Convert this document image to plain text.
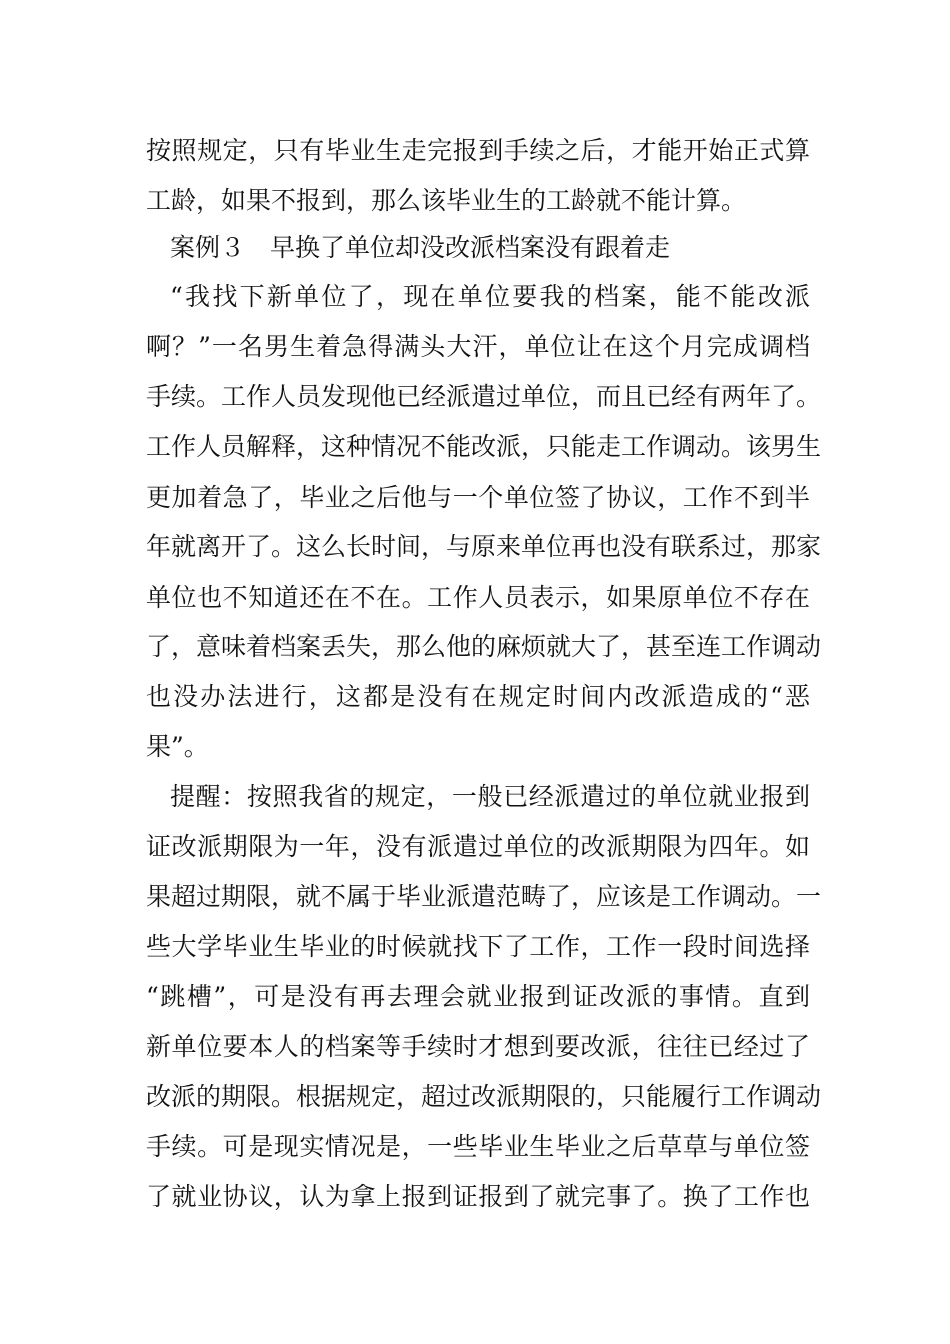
按照规定，只有毕业生走完报到手续之后，才能开始正式算
工龄，如果不报到，那么该毕业生的工龄就不能计算。
案例３　早换了单位却没改派档案没有跟着走
“我找下新单位了，现在单位要我的档案，能不能改派
啊？”一名男生着急得满头大汗，单位让在这个月完成调档
手续。工作人员发现他已经派遣过单位，而且已经有两年了。
工作人员解释，这种情况不能改派，只能走工作调动。该男生
更加着急了，毕业之后他与一个单位签了协议，工作不到半
年就离开了。这么长时间，与原来单位再也没有联系过，那家
单位也不知道还在不在。工作人员表示，如果原单位不存在
了，意味着档案丢失，那么他的麻烦就大了，甚至连工作调动
也没办法进行，这都是没有在规定时间内改派造成的“恶
果”。
提醒：按照我省的规定，一般已经派遣过的单位就业报到
证改派期限为一年，没有派遣过单位的改派期限为四年。如
果超过期限，就不属于毕业派遣范畴了，应该是工作调动。一
些大学毕业生毕业的时候就找下了工作，工作一段时间选择
“跳槽”，可是没有再去理会就业报到证改派的事情。直到
新单位要本人的档案等手续时才想到要改派，往往已经过了
改派的期限。根据规定，超过改派期限的，只能履行工作调动
手续。可是现实情况是，一些毕业生毕业之后草草与单位签
了就业协议，认为拿上报到证报到了就完事了。换了工作也
